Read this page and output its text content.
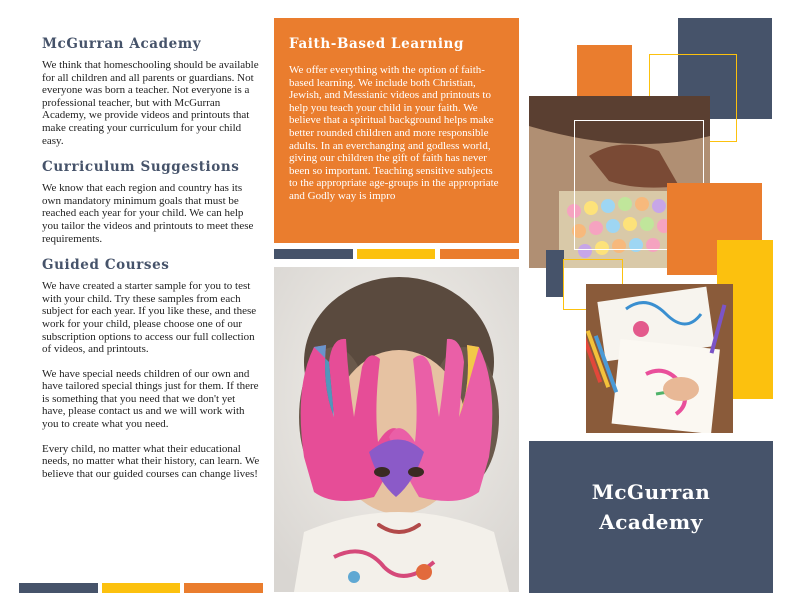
McGurran Academy

We think that homeschooling should be available for all children and all parents or guardians. Not everyone was born a teacher. Not everyone is a professional teacher, but with McGurran Academy, we provide videos and printouts that make creating your curriculum for your child easy.

Curriculum Suggestions

We know that each region and country has its own mandatory minimum goals that must be reached each year for your child. We can help you tailor the videos and printouts to meet these requirements.

Guided Courses

We have created a starter sample for you to test with your child. Try these samples from each subject for each year. If you like these, and these work for your child, please choose one of our subscription options to access our full collection of videos, and printouts.

We have special needs children of our own and have tailored special things just for them. If there is something that you need that we don't yet have, please contact us and we will work with you to create what you need.

Every child, no matter what their educational needs, no matter what their history, can learn. We believe that our guided courses can change lives!

Faith-Based Learning

We offer everything with the option of faith-based learning. We include both Christian, Jewish, and Messianic videos and printouts to help you teach your child in your faith. We believe that a spiritual background helps make better rounded children and more responsible adults. In an everchanging and godless world, giving our children the gift of faith has never been so important. Teaching sensitive subjects to the appropriate age-groups in the appropriate and Godly way is impro

McGurran
Academy
